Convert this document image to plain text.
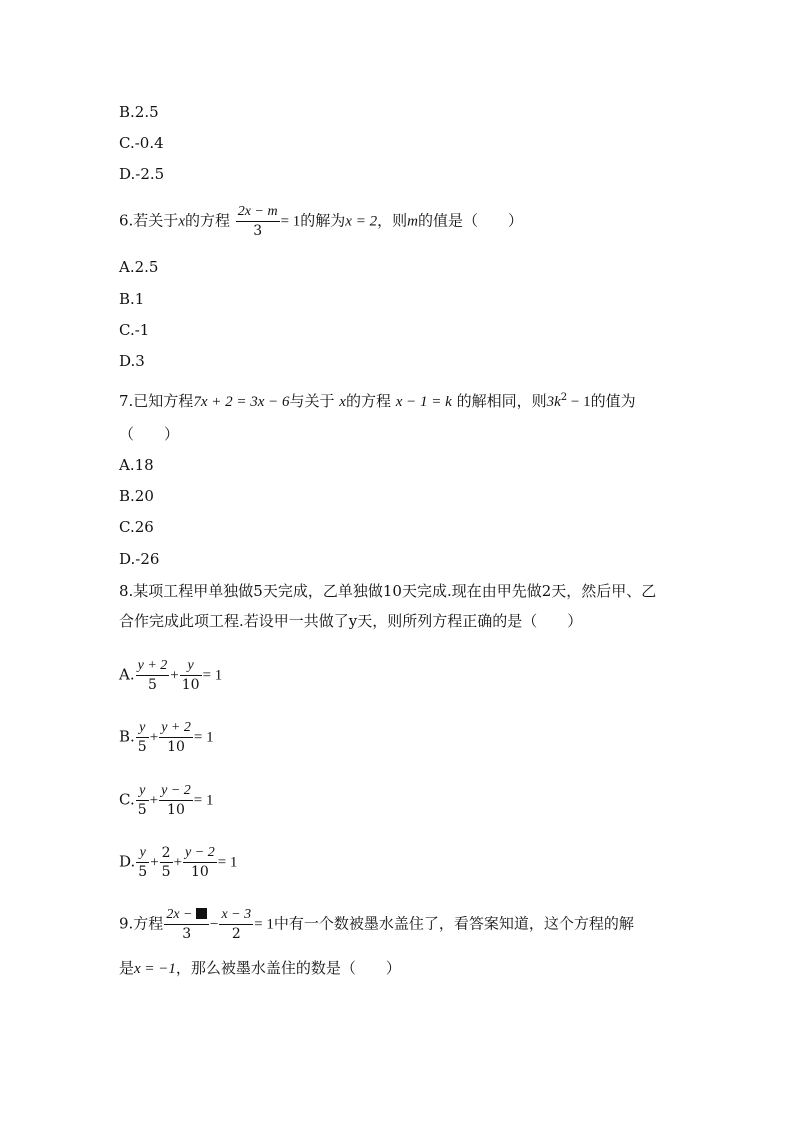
B.2.5
C.-0.4
D.-2.5
6.若关于x的方程 $\frac{2x - m}{3} = 1$的解为x = 2，则m的值是（　　）
A.2.5
B.1
C.-1
D.3
7.已知方程7x + 2 = 3x − 6与关于 x的方程 x − 1 = k 的解相同，则$3k^2 - 1$的值为
（　　）
A.18
B.20
C.26
D.-26
8.某项工程甲单独做5天完成，乙单独做10天完成.现在由甲先做2天，然后甲、乙
合作完成此项工程.若设甲一共做了y天，则所列方程正确的是（　　）
A. $\frac{y + 2}{5} + \frac{y}{10} = 1$
B. $\frac{y}{5} + \frac{y + 2}{10} = 1$
C. $\frac{y}{5} + \frac{y - 2}{10} = 1$
D. $\frac{y}{5} + \frac{2}{5} + \frac{y - 2}{10} = 1$
9.方程 $\frac{2x -}{3} - \frac{x - 3}{2} = 1$中有一个数被墨水盖住了，看答案知道，这个方程的解
是x = −1，那么被墨水盖住的数是（　　）
